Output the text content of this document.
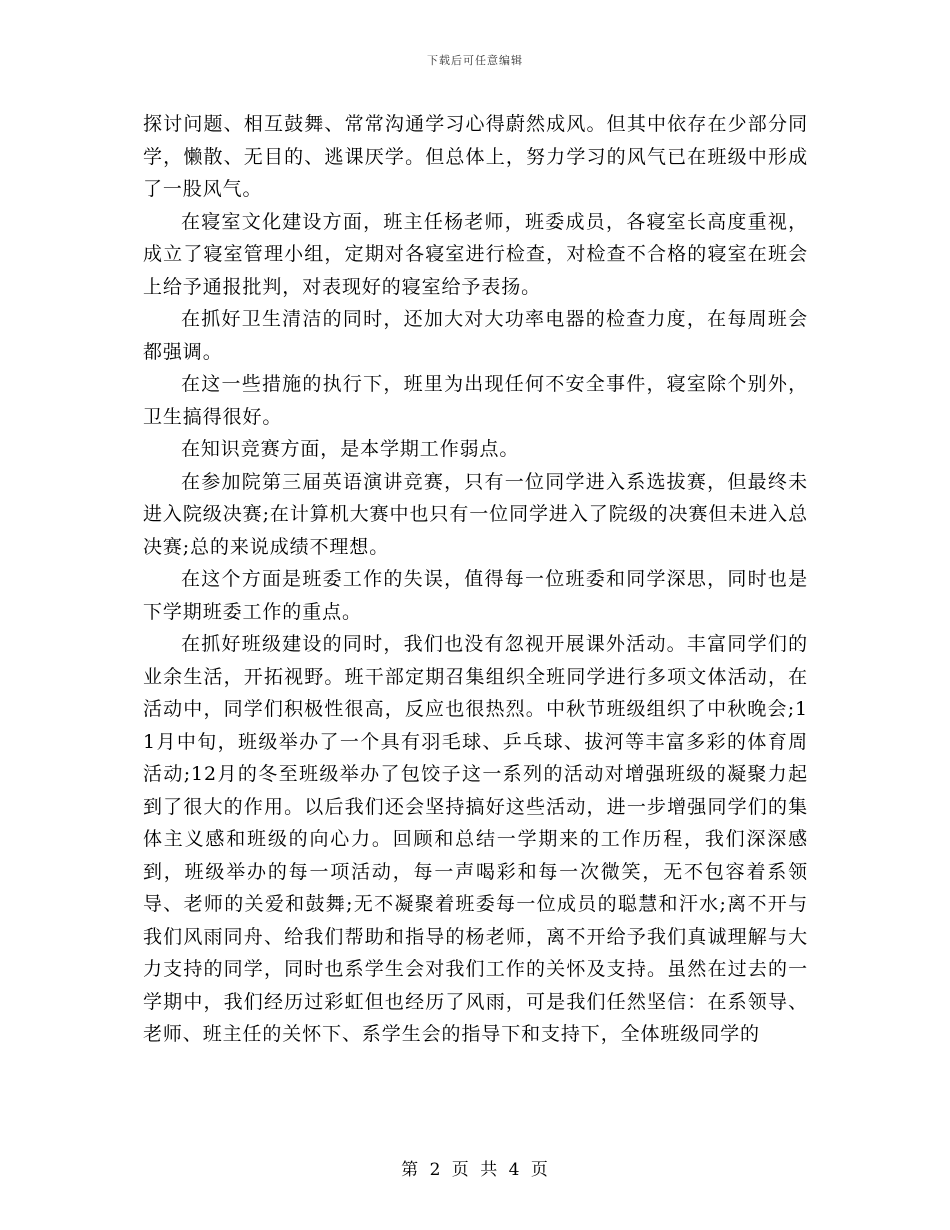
下载后可任意编辑

探讨问题、相互鼓舞、常常沟通学习心得蔚然成风。但其中依存在少部分同学，懒散、无目的、逃课厌学。但总体上，努力学习的风气已在班级中形成了一股风气。

在寝室文化建设方面，班主任杨老师，班委成员，各寝室长高度重视，成立了寝室管理小组，定期对各寝室进行检查，对检查不合格的寝室在班会上给予通报批判，对表现好的寝室给予表扬。

在抓好卫生清洁的同时，还加大对大功率电器的检查力度，在每周班会都强调。

在这一些措施的执行下，班里为出现任何不安全事件，寝室除个别外，卫生搞得很好。

在知识竞赛方面，是本学期工作弱点。

在参加院第三届英语演讲竞赛，只有一位同学进入系选拔赛，但最终未进入院级决赛;在计算机大赛中也只有一位同学进入了院级的决赛但未进入总决赛;总的来说成绩不理想。

在这个方面是班委工作的失误，值得每一位班委和同学深思，同时也是下学期班委工作的重点。

在抓好班级建设的同时，我们也没有忽视开展课外活动。丰富同学们的业余生活，开拓视野。班干部定期召集组织全班同学进行多项文体活动，在活动中，同学们积极性很高，反应也很热烈。中秋节班级组织了中秋晚会;11月中旬，班级举办了一个具有羽毛球、乒乓球、拔河等丰富多彩的体育周活动;12月的冬至班级举办了包饺子这一系列的活动对增强班级的凝聚力起到了很大的作用。以后我们还会坚持搞好这些活动，进一步增强同学们的集体主义感和班级的向心力。回顾和总结一学期来的工作历程，我们深深感到，班级举办的每一项活动，每一声喝彩和每一次微笑，无不包容着系领导、老师的关爱和鼓舞;无不凝聚着班委每一位成员的聪慧和汗水;离不开与我们风雨同舟、给我们帮助和指导的杨老师，离不开给予我们真诚理解与大力支持的同学，同时也系学生会对我们工作的关怀及支持。虽然在过去的一学期中，我们经历过彩虹但也经历了风雨，可是我们任然坚信：在系领导、老师、班主任的关怀下、系学生会的指导下和支持下，全体班级同学的

第 2 页 共 4 页
